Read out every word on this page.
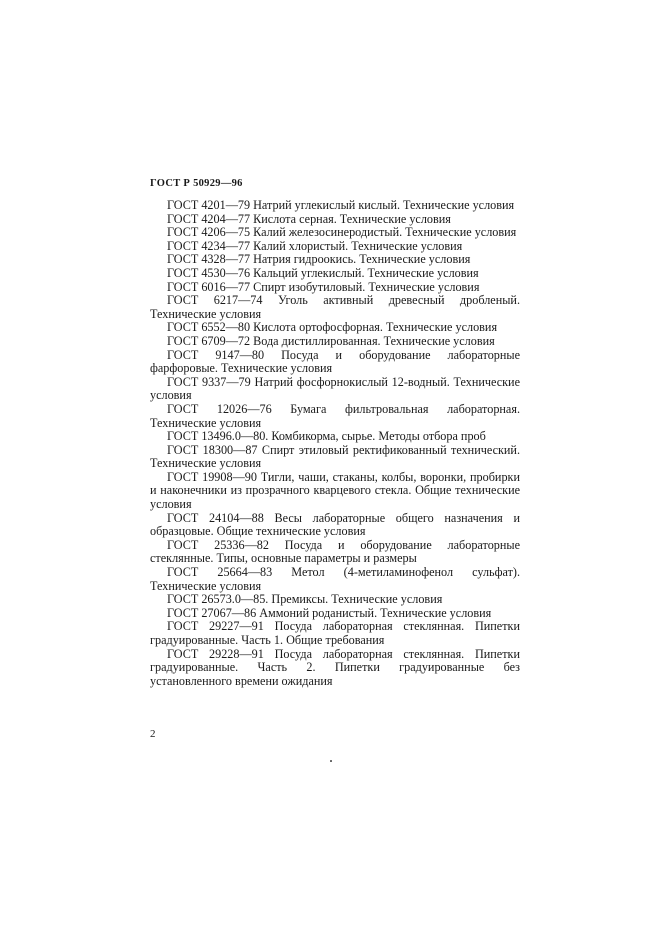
ГОСТ Р 50929—96

ГОСТ 4201—79 Натрий углекислый кислый. Технические условия

ГОСТ 4204—77 Кислота серная. Технические условия

ГОСТ 4206—75 Калий железосинеродистый. Технические условия

ГОСТ 4234—77 Калий хлористый. Технические условия

ГОСТ 4328—77 Натрия гидроокись. Технические условия

ГОСТ 4530—76 Кальций углекислый. Технические условия

ГОСТ 6016—77 Спирт изобутиловый. Технические условия

ГОСТ 6217—74 Уголь активный древесный дробленый. Технические условия

ГОСТ 6552—80 Кислота ортофосфорная. Технические условия

ГОСТ 6709—72 Вода дистиллированная. Технические условия

ГОСТ 9147—80 Посуда и оборудование лабораторные фарфоровые. Технические условия

ГОСТ 9337—79 Натрий фосфорнокислый 12-водный. Технические условия

ГОСТ 12026—76 Бумага фильтровальная лабораторная. Технические условия

ГОСТ 13496.0—80. Комбикорма, сырье. Методы отбора проб

ГОСТ 18300—87 Спирт этиловый ректификованный технический. Технические условия

ГОСТ 19908—90 Тигли, чаши, стаканы, колбы, воронки, пробирки и наконечники из прозрачного кварцевого стекла. Общие технические условия

ГОСТ 24104—88 Весы лабораторные общего назначения и образцовые. Общие технические условия

ГОСТ 25336—82 Посуда и оборудование лабораторные стеклянные. Типы, основные параметры и размеры

ГОСТ 25664—83 Метол (4-метиламинофенол сульфат). Технические условия

ГОСТ 26573.0—85. Премиксы. Технические условия

ГОСТ 27067—86 Аммоний роданистый. Технические условия

ГОСТ 29227—91 Посуда лабораторная стеклянная. Пипетки градуированные. Часть 1. Общие требования

ГОСТ 29228—91 Посуда лабораторная стеклянная. Пипетки градуированные. Часть 2. Пипетки градуированные без установленного времени ожидания

2
